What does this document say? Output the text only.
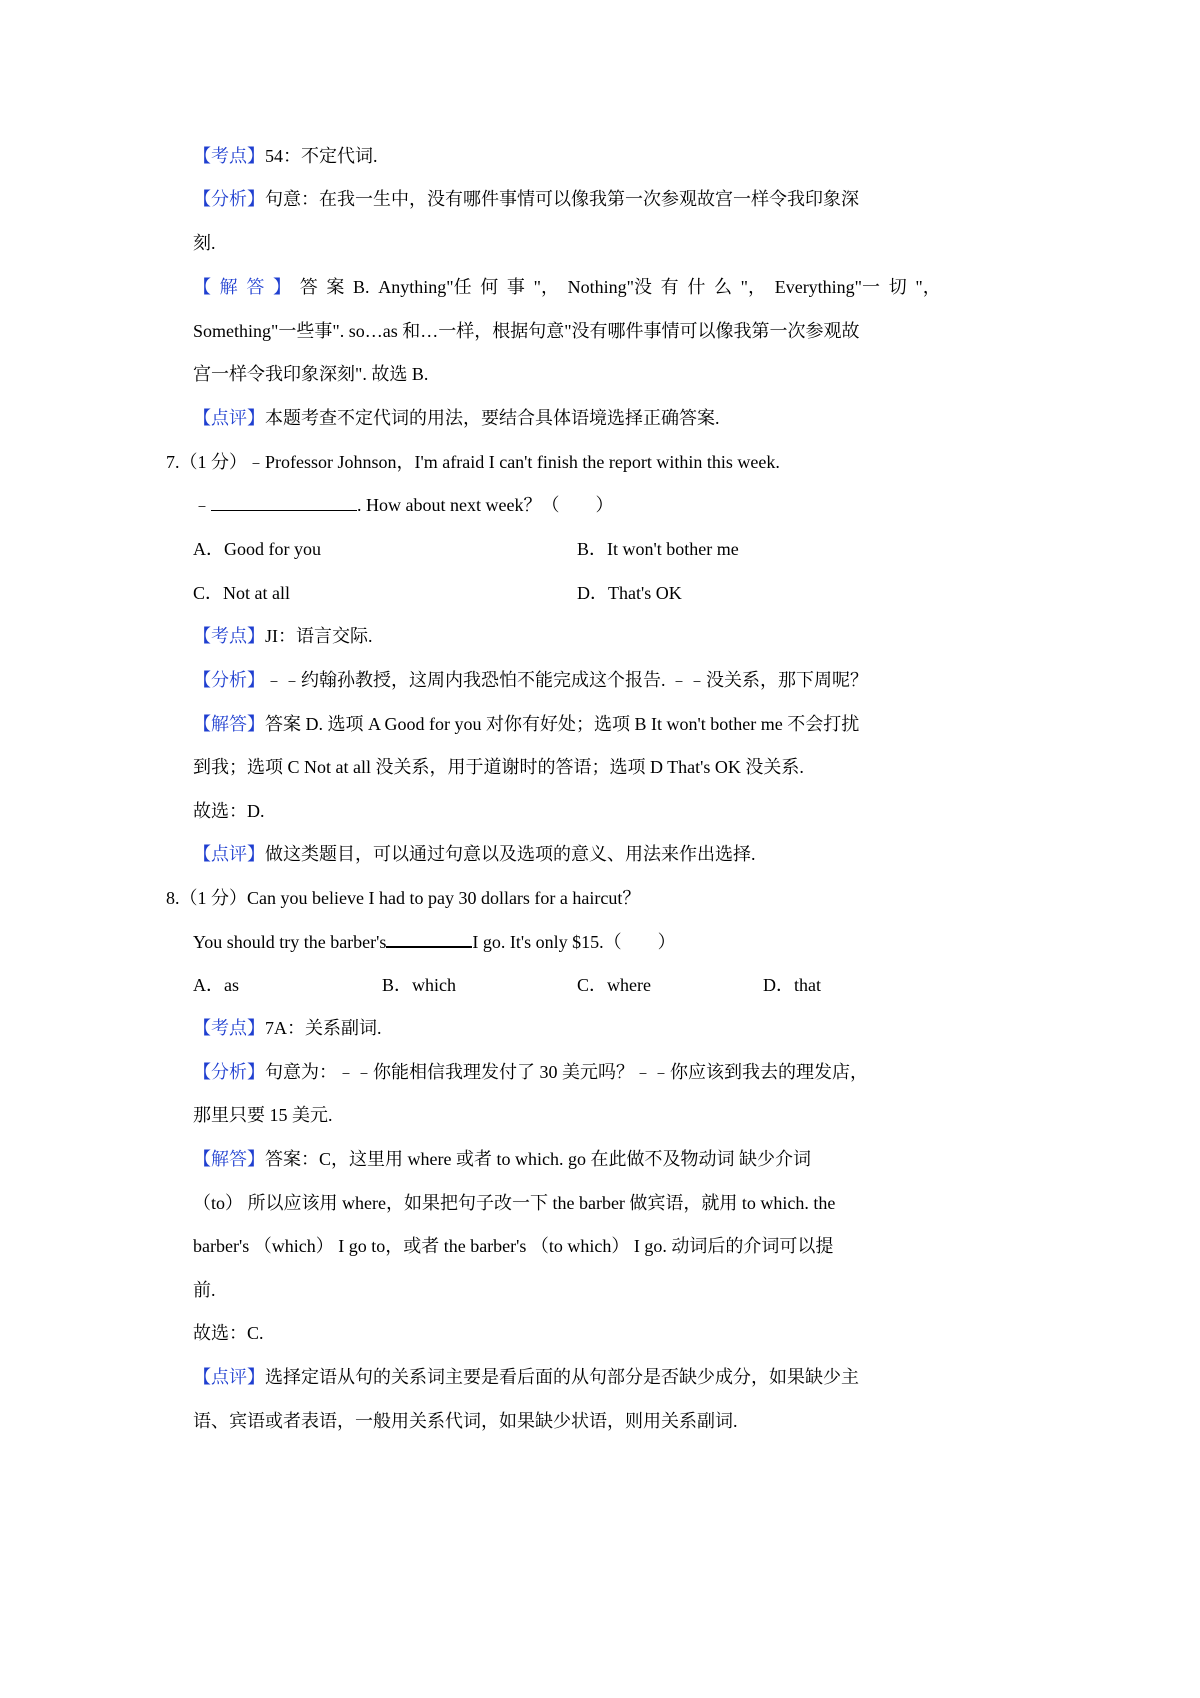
【考点】54：不定代词.
【分析】句意：在我一生中，没有哪件事情可以像我第一次参观故宫一样令我印象深
刻.
【 解 答 】 答 案 B. Anything"任 何 事 "， Nothing"没 有 什 么 "， Everything"一 切 "，
Something"一些事". so…as 和…一样，根据句意"没有哪件事情可以像我第一次参观故
宫一样令我印象深刻". 故选 B.
【点评】本题考查不定代词的用法，要结合具体语境选择正确答案.
7.（1 分）﹣Professor Johnson，I'm afraid I can't finish the report within this week.
﹣	. How about next week？（　　）
A．Good for you	B．It won't bother me
C．Not at all	D．That's OK
【考点】JI：语言交际.
【分析】﹣﹣约翰孙教授，这周内我恐怕不能完成这个报告. ﹣﹣没关系，那下周呢？
【解答】答案 D. 选项 A Good for you 对你有好处；选项 B It won't bother me 不会打扰
到我；选项 C Not at all 没关系，用于道谢时的答语；选项 D That's OK 没关系.
故选：D.
【点评】做这类题目，可以通过句意以及选项的意义、用法来作出选择.
8.（1 分）Can you believe I had to pay 30 dollars for a haircut？
You should try the barber's	I go. It's only $15.（　　）
A．as	B．which	C．where	D．that
【考点】7A：关系副词.
【分析】句意为：﹣﹣你能相信我理发付了 30 美元吗？﹣﹣你应该到我去的理发店，
那里只要 15 美元.
【解答】答案：C，这里用 where 或者 to which. go 在此做不及物动词 缺少介词
（to） 所以应该用 where，如果把句子改一下 the barber 做宾语，就用 to which. the
barber's （which） I go to，或者 the barber's （to which） I go. 动词后的介词可以提
前.
故选：C.
【点评】选择定语从句的关系词主要是看后面的从句部分是否缺少成分，如果缺少主
语、宾语或者表语，一般用关系代词，如果缺少状语，则用关系副词.
